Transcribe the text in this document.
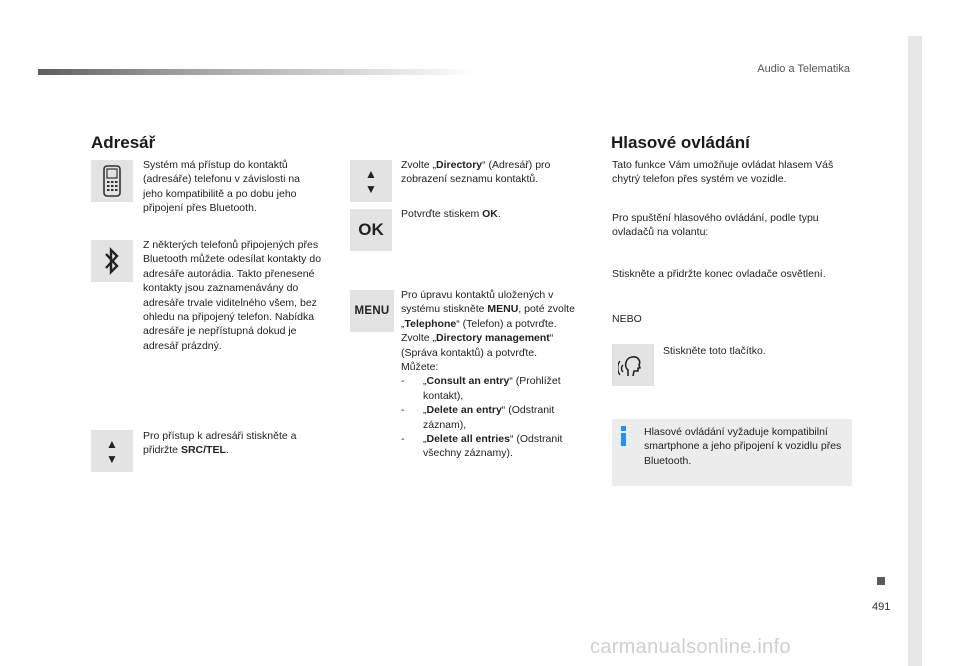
Audio a Telematika
491
Adresář
Systém má přístup do kontaktů (adresáře) telefonu v závislosti na jeho kompatibilitě a po dobu jeho připojení přes Bluetooth.
Z některých telefonů připojených přes Bluetooth můžete odesílat kontakty do adresáře autorádia. Takto přenesené kontakty jsou zaznamenávány do adresáře trvale viditelného všem, bez ohledu na připojený telefon. Nabídka adresáře je nepřístupná dokud je adresář prázdný.
▲
▼
Pro přístup k adresáři stiskněte a přidržte SRC/TEL.
▲
▼
Zvolte „Directory“ (Adresář) pro zobrazení seznamu kontaktů.
OK
Potvrďte stiskem OK.
MENU
Pro úpravu kontaktů uložených v systému stiskněte MENU, poté zvolte „Telephone“ (Telefon) a potvrďte.
Zvolte „Directory management“ (Správa kontaktů) a potvrďte.
Můžete:
-	„Consult an entry“ (Prohlížet kontakt),
-	„Delete an entry“ (Odstranit záznam),
-	„Delete all entries“ (Odstranit všechny záznamy).
Hlasové ovládání
Tato funkce Vám umožňuje ovládat hlasem Váš chytrý telefon přes systém ve vozidle.
Pro spuštění hlasového ovládání, podle typu ovladačů na volantu:
Stiskněte a přidržte konec ovladače osvětlení.
NEBO
Stiskněte toto tlačítko.
Hlasové ovládání vyžaduje kompatibilní smartphone a jeho připojení k vozidlu přes Bluetooth.
carmanualsonline.info
